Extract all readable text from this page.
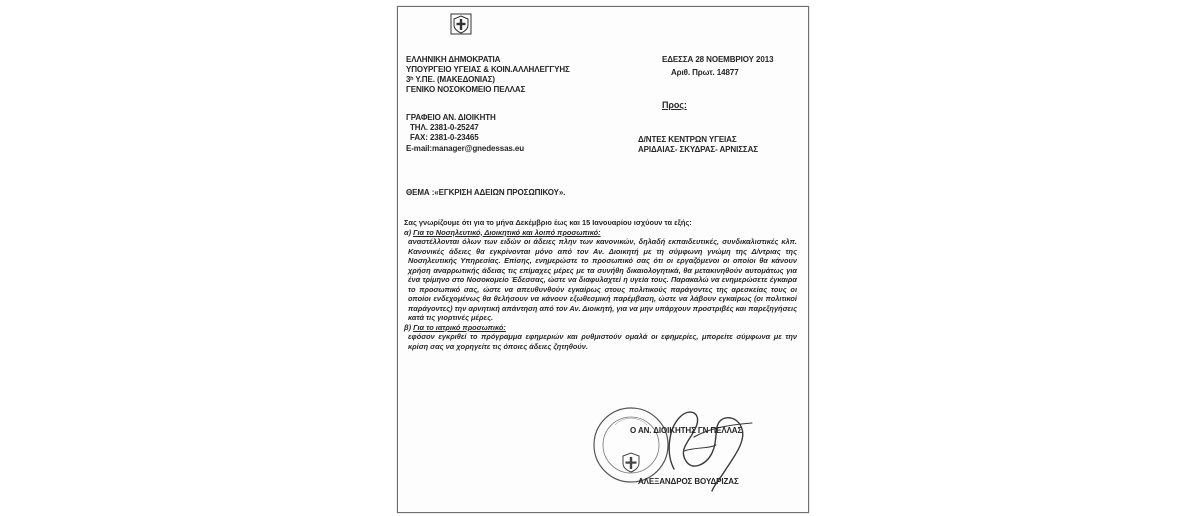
ΕΛΛΗΝΙΚΗ ΔΗΜΟΚΡΑΤΙΑ
ΥΠΟΥΡΓΕΙΟ ΥΓΕΙΑΣ & ΚΟΙΝ.ΑΛΛΗΛΕΓΓΥΗΣ
3ʰ Υ.ΠΕ. (ΜΑΚΕΔΟΝΙΑΣ)
ΓΕΝΙΚΟ ΝΟΣΟΚΟΜΕΙΟ ΠΕΛΛΑΣ
ΕΔΕΣΣΑ 28 ΝΟΕΜΒΡΙΟΥ 2013
Αριθ. Πρωτ. 14877
ΓΡΑΦΕΙΟ ΑΝ. ΔΙΟΙΚΗΤΗ
ΤΗΛ. 2381-0-25247
FAX: 2381-0-23465
E-mail:manager@gnedessas.eu
Προς:
Δ/ΝΤΕΣ ΚΕΝΤΡΩΝ ΥΓΕΙΑΣ
ΑΡΙΔΑΙΑΣ- ΣΚΥΔΡΑΣ- ΑΡΝΙΣΣΑΣ
ΘΕΜΑ :«ΕΓΚΡΙΣΗ ΑΔΕΙΩΝ ΠΡΟΣΩΠΙΚΟΥ».

Σας γνωρίζουμε ότι για το μήνα Δεκέμβριο έως και 15 Ιανουαρίου ισχύουν τα εξής:

α) Για το Νοσηλευτικό, Διοικητικό και λοιπό προσωπικό:

αναστέλλονται όλων των ειδών οι άδειες πλην των κανονικών, δηλαδή εκπαιδευτικές, συνδικαλιστικές κλπ. Κανονικές άδειες θα εγκρίνονται μόνο από τον Αν. Διοικητή με τη σύμφωνη γνώμη της Δ/ντριας της Νοσηλευτικής Υπηρεσίας. Επίσης, ενημερώστε το προσωπικό σας ότι οι εργαζόμενοι οι οποίοι θα κάνουν χρήση αναρρωτικής άδειας τις επίμαχες μέρες με τα συνήθη δικαιολογητικά, θα μετακινηθούν αυτομάτως για ένα τρίμηνο στο Νοσοκομείο Έδεσσας, ώστε να διαφυλαχτεί η υγεία τους. Παρακαλώ να ενημερώσετε έγκαιρα το προσωπικό σας, ώστε να απευθυνθούν εγκαίρως στους πολιτικούς παράγοντες της αρεσκείας τους οι οποίοι ενδεχομένως θα θελήσουν να κάνουν εξωθεσμική παρέμβαση, ώστε να λάβουν εγκαίρως (οι πολιτικοί παράγοντες) την αρνητική απάντηση από τον Αν. Διοικητή, για να μην υπάρχουν προστριβές και παρεξηγήσεις κατά τις γιορτινές μέρες.

β) Για το ιατρικό προσωπικό:

εφόσον εγκριθεί το πρόγραμμα εφημεριών και ρυθμιστούν ομαλά οι εφημερίες, μπορείτε σύμφωνα με την κρίση σας να χορηγείτε τις όποιες άδειες ζητηθούν.

Ο ΑΝ. ΔΙΟΙΚΗΤΗΣ ΓΝ ΠΕΛΛΑΣ
ΑΛΕΞΑΝΔΡΟΣ ΒΟΥΔΡΙΖΑΣ
